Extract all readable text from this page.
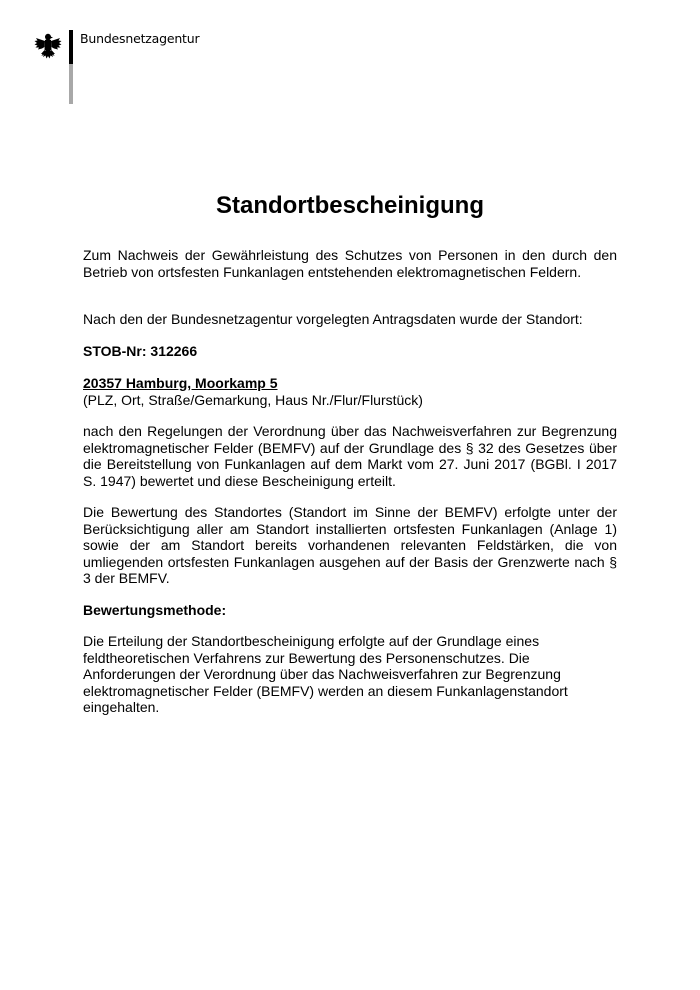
Bundesnetzagentur
Standortbescheinigung

Zum Nachweis der Gewährleistung des Schutzes von Personen in den durch den Betrieb von ortsfesten Funkanlagen entstehenden elektromagnetischen Feldern.

Nach den der Bundesnetzagentur vorgelegten Antragsdaten wurde der Standort:

STOB-Nr: 312266

20357 Hamburg, Moorkamp 5

(PLZ, Ort, Straße/Gemarkung, Haus Nr./Flur/Flurstück)

nach den Regelungen der Verordnung über das Nachweisverfahren zur Begrenzung elektromagnetischer Felder (BEMFV) auf der Grundlage des § 32 des Gesetzes über die Bereitstellung von Funkanlagen auf dem Markt vom 27. Juni 2017 (BGBl. I 2017 S. 1947) bewertet und diese Bescheinigung erteilt.

Die Bewertung des Standortes (Standort im Sinne der BEMFV) erfolgte unter der Berücksichtigung aller am Standort installierten ortsfesten Funkanlagen (Anlage 1) sowie der am Standort bereits vorhandenen relevanten Feldstärken, die von umliegenden ortsfesten Funkanlagen ausgehen auf der Basis der Grenzwerte nach § 3 der BEMFV.

Bewertungsmethode:

Die Erteilung der Standortbescheinigung erfolgte auf der Grundlage eines feldtheoretischen Verfahrens zur Bewertung des Personenschutzes. Die Anforderungen der Verordnung über das Nachweisverfahren zur Begrenzung elektromagnetischer Felder (BEMFV) werden an diesem Funkanlagenstandort eingehalten.
